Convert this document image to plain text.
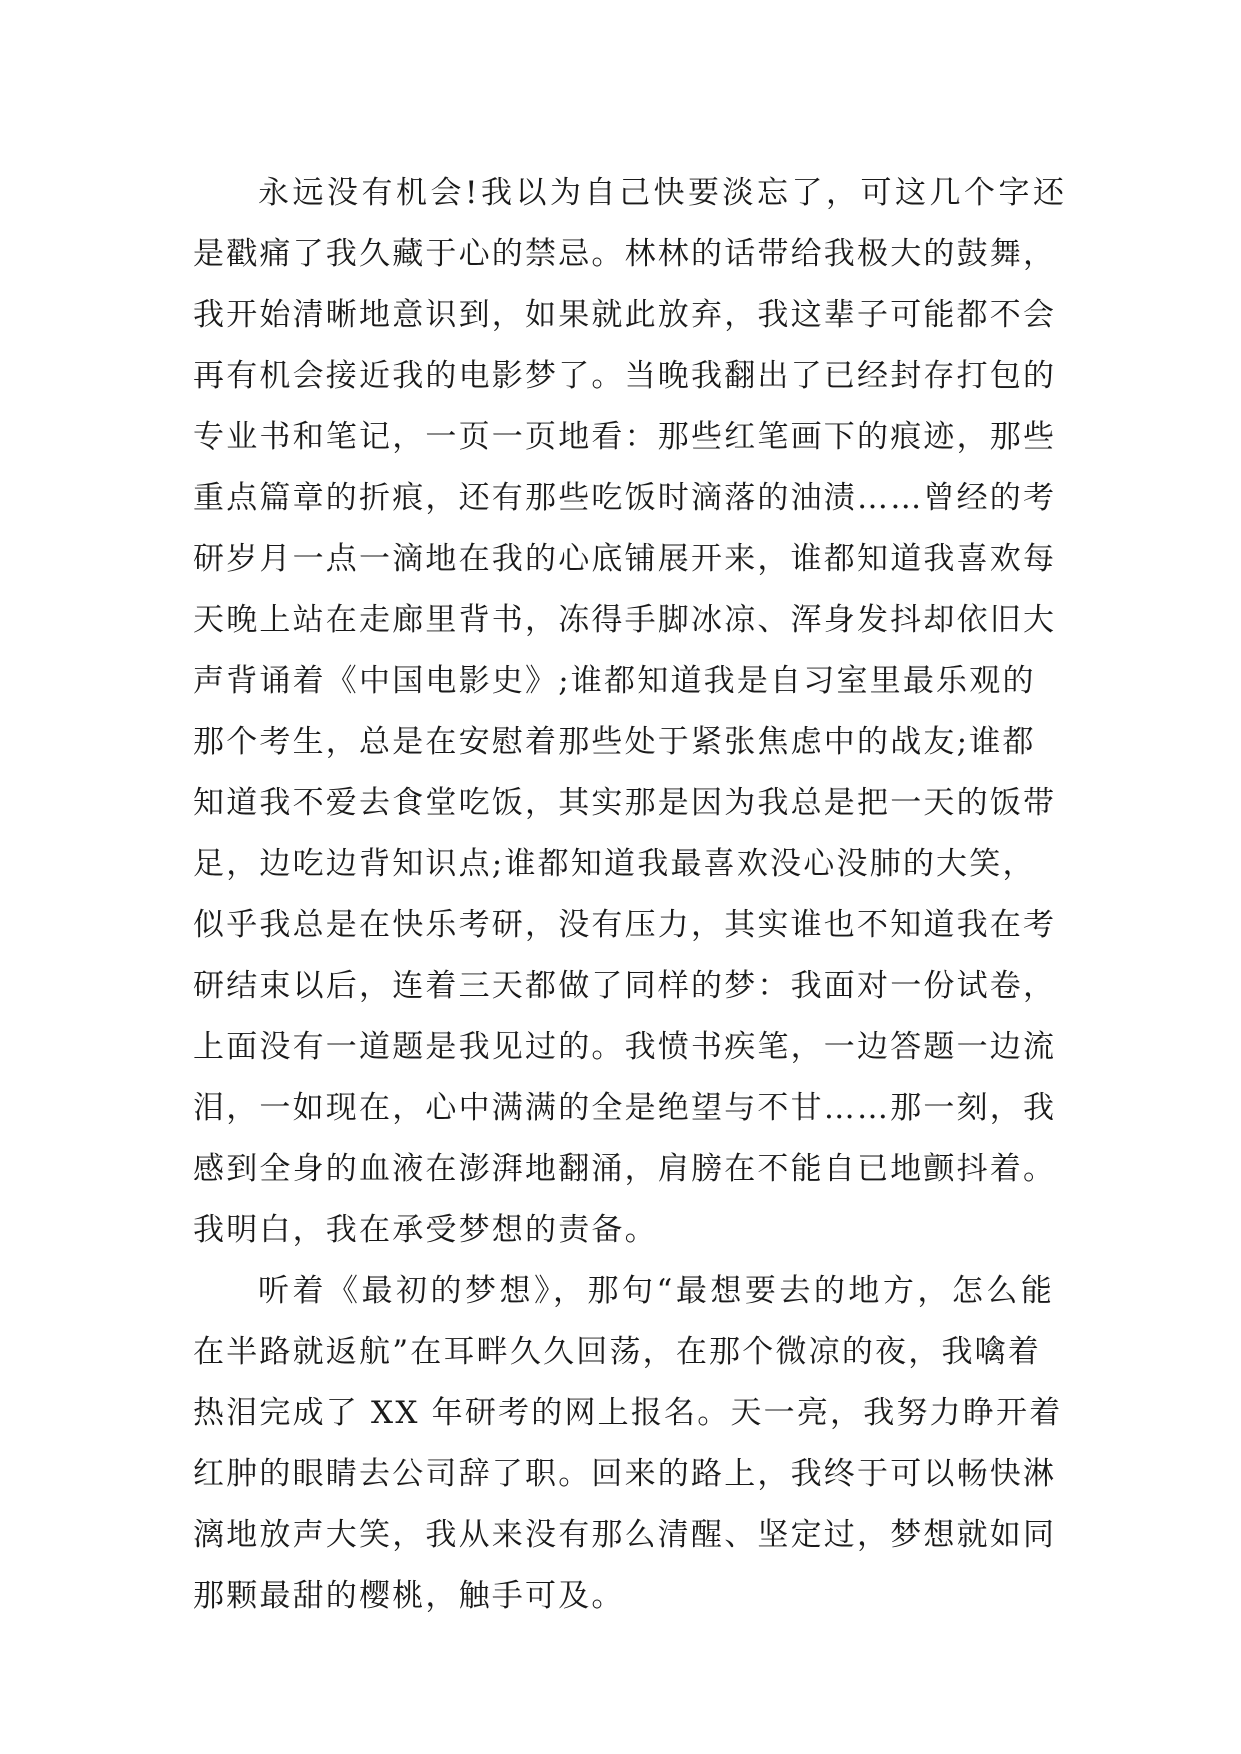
永远没有机会!我以为自己快要淡忘了，可这几个字还
是戳痛了我久藏于心的禁忌。林林的话带给我极大的鼓舞，
我开始清晰地意识到，如果就此放弃，我这辈子可能都不会
再有机会接近我的电影梦了。当晚我翻出了已经封存打包的
专业书和笔记，一页一页地看：那些红笔画下的痕迹，那些
重点篇章的折痕，还有那些吃饭时滴落的油渍……曾经的考
研岁月一点一滴地在我的心底铺展开来，谁都知道我喜欢每
天晚上站在走廊里背书，冻得手脚冰凉、浑身发抖却依旧大
声背诵着《中国电影史》;谁都知道我是自习室里最乐观的
那个考生，总是在安慰着那些处于紧张焦虑中的战友;谁都
知道我不爱去食堂吃饭，其实那是因为我总是把一天的饭带
足，边吃边背知识点;谁都知道我最喜欢没心没肺的大笑，
似乎我总是在快乐考研，没有压力，其实谁也不知道我在考
研结束以后，连着三天都做了同样的梦：我面对一份试卷，
上面没有一道题是我见过的。我愤书疾笔，一边答题一边流
泪，一如现在，心中满满的全是绝望与不甘……那一刻，我
感到全身的血液在澎湃地翻涌，肩膀在不能自已地颤抖着。
我明白，我在承受梦想的责备。
听着《最初的梦想》，那句“最想要去的地方，怎么能
在半路就返航”在耳畔久久回荡，在那个微凉的夜，我噙着
热泪完成了 XX 年研考的网上报名。天一亮，我努力睁开着
红肿的眼睛去公司辞了职。回来的路上，我终于可以畅快淋
漓地放声大笑，我从来没有那么清醒、坚定过，梦想就如同
那颗最甜的樱桃，触手可及。
